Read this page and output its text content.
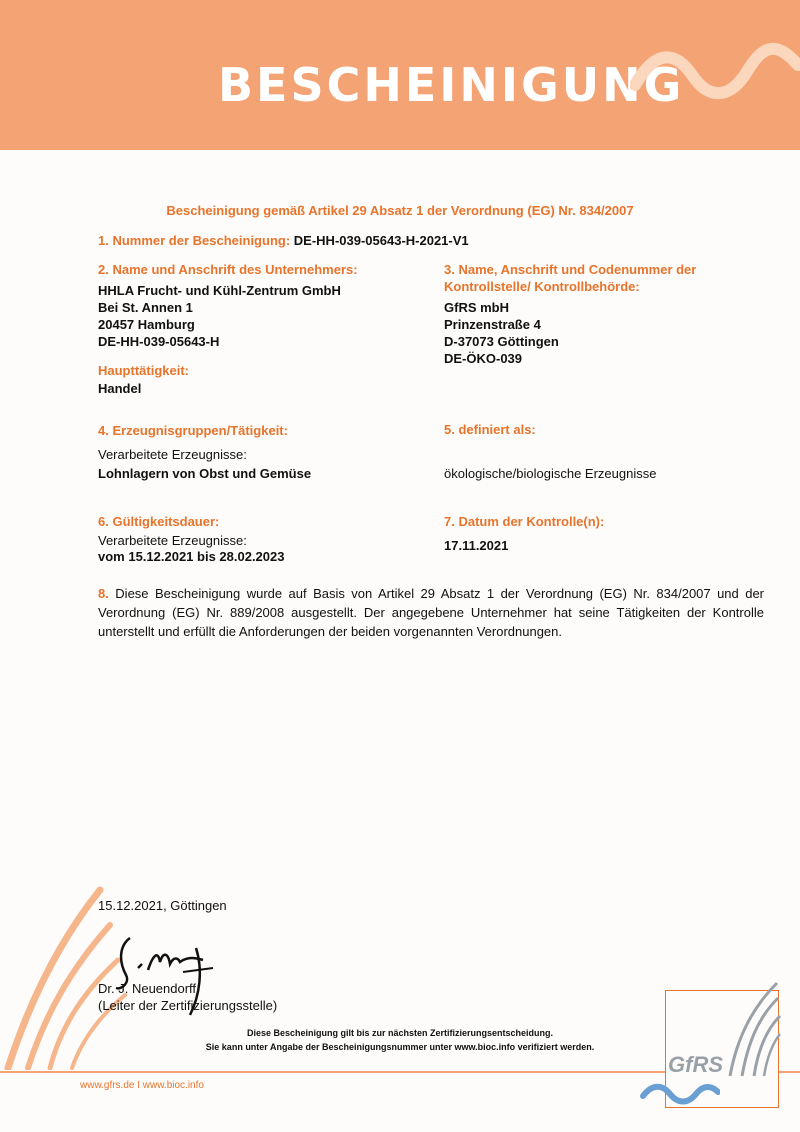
BESCHEINIGUNG
Bescheinigung gemäß Artikel 29 Absatz 1 der Verordnung (EG) Nr. 834/2007
1. Nummer der Bescheinigung: DE-HH-039-05643-H-2021-V1
2. Name und Anschrift des Unternehmers:
HHLA Frucht- und Kühl-Zentrum GmbH
Bei St. Annen 1
20457 Hamburg
DE-HH-039-05643-H
Haupttätigkeit:
Handel
3. Name, Anschrift und Codenummer der
Kontrollstelle/ Kontrollbehörde:
GfRS mbH
Prinzenstraße 4
D-37073 Göttingen
DE-ÖKO-039
4. Erzeugnisgruppen/Tätigkeit:
Verarbeitete Erzeugnisse:
Lohnlagern von Obst und Gemüse
5. definiert als:
ökologische/biologische Erzeugnisse
6. Gültigkeitsdauer:
Verarbeitete Erzeugnisse:
vom 15.12.2021 bis 28.02.2023
7. Datum der Kontrolle(n):
17.11.2021
8. Diese Bescheinigung wurde auf Basis von Artikel 29 Absatz 1 der Verordnung (EG) Nr. 834/2007 und der Verordnung (EG) Nr. 889/2008 ausgestellt. Der angegebene Unternehmer hat seine Tätigkeiten der Kontrolle unterstellt und erfüllt die Anforderungen der beiden vorgenannten Verordnungen.
15.12.2021, Göttingen
Dr. J. Neuendorff
(Leiter der Zertifizierungsstelle)
Diese Bescheinigung gilt bis zur nächsten Zertifizierungsentscheidung.
Sie kann unter Angabe der Bescheinigungsnummer unter www.bioc.info verifiziert werden.
www.gfrs.de I www.bioc.info
GfRS
